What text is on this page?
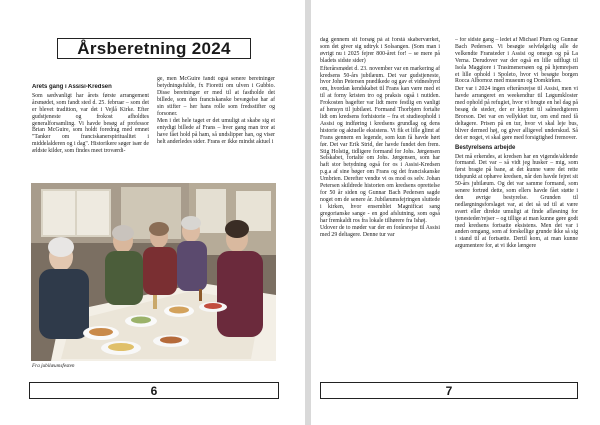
Årsberetning 2024
Årets gang i Assisi-Kredsen

Som sædvanligt har årets første arrangement årsmødet, som fandt sted d. 25. februar – som det er blevet tradition, var det i Vejlå Kirke. Efter gudstjeneste og frokost afholdtes generalforsamling. Vi havde besøg af professor Brian McGuire, som holdt foredrag med emnet "Tanker om franciskanerspiritualitet i middelalderen og i dag". Historikere søger især de ældste kilder, som findes meet troværdi-

ge, men McGuire fandt også senere beretninger betydningsfulde, fx Fioretti om ulven i Gubbio. Disse beretninger er med til at fastholde det billede, som den franciskanske bevægelse har af sin stifter – her hans rolle som fredsstifter og forsoner.

Men i det hele taget er det umuligt at skabe sig et entydigt billede af Frans – hver gang man tror at have fået hold på ham, så undslipper han, og viser helt anderledes sider. Frans er ikke mindst aktuel i

Fra jubilæumsfesten
6

dag gennem sit forsøg på at forstå skaberværket, som det giver sig udtryk i Solsangen. (Som man i øvrigt nu i 2025 fejrer 800-året for! – se mere på bladets sidste sider)

Efterårsmødet d. 23. november var en markering af kredsens 50-års jubilæum. Det var gudstjeneste, hvor John Petersen prædikede og gav et vidnesbyrd om, hvordan kendskabet til Frans kan være med et til at forny kristen tro og praksis også i nutiden. Frokosten bagefter var lidt mere festlig en vanligt af hensyn til jubilæet. Formand Thorbjørn fortalte lidt om kredsens forhistorie – fra et studieophold i Assisi og indføring i kredsens grundlag og dens historie og aktuelle eksistens. Vi fik et lille glimt af Frans gennem en legende, som kun få havde hørt før. Det var Erik Strid, der havde fundet den frem. Stig Holstig, tidligere formand for Johs. Jørgensen Selskabet, fortalte om Johs. Jørgensen, som har haft stor betydning også for os i Assisi-Kredsen p.g.a af sine bøger om Frans og det franciskanske Umbrien. Derefter vendte vi os mod os selv. Johan Petersen skildrede historien om kredsens oprettelse for 50 år siden og Gunnar Bach Pedersen sagde noget om de senere år. Jubilæumsfejringen sluttede i kirken, hvor ensemblet Magnificat sang gregorianske sange - en god afslutning, som også har fremkaldt ros fra lokale tilhørere fra Ishøj.

Udover de to møder var der en forårsrejse til Assisi med 29 deltagere. Denne tur var

– for sidste gang – ledet af Michael Plum og Gunnar Bach Pedersen. Vi besøgte selvfølgelig alle de velkendte Fransteder i Assisi og omegn og på La Verna. Derudover var der også en lille udflugt til Isola Maggiore i Trasimenersøen og på hjemrejsen et lille ophold i Spoleto, hvor vi besøgte borgen Rocca Albornoz med museum og Domkirken.

Der var i 2024 ingen efterårsrejse til Assisi, men vi havde arrangeret en weekendtur til Løgumkloster med ophold på refugiet, hvor vi brugte en hel dag på besøg de steder, der er knyttet til salmedigteren Brorson. Det var en vellykket tur, om end med få deltagere. Prisen på en tur, hvor vi skal leje bus, bliver dermed høj, og giver alligevel underskud. Så det er noget, vi skal gøre med forsigtighed fremover.

Bestyrelsens arbejde

Det må erkendes, at kredsen har en vigende/aldende formand. Det var – så vidt jeg husker – mig, som først bragte på bane, at det kunne være det rette tidspunkt at ophæve kredsen, når den havde fejret sit 50-års jubilæum. Og det var samme formand, som senere fortrød dette, som ellers havde fået støtte i den øvrige bestyrelse. Grunden til nedlægningsforslaget var, at det så ud til at være svært eller direkte umuligt at finde afløsning for tjenesteder/rejser – og tillige at man kunne gøre godt med kredsens fortsatte eksistens. Men det var i anden omgang, som af forskellige grunde ikke så sig i stand til at fortsætte. Dertil kom, at man kunne argumentere for, at vi ikke længere

7
